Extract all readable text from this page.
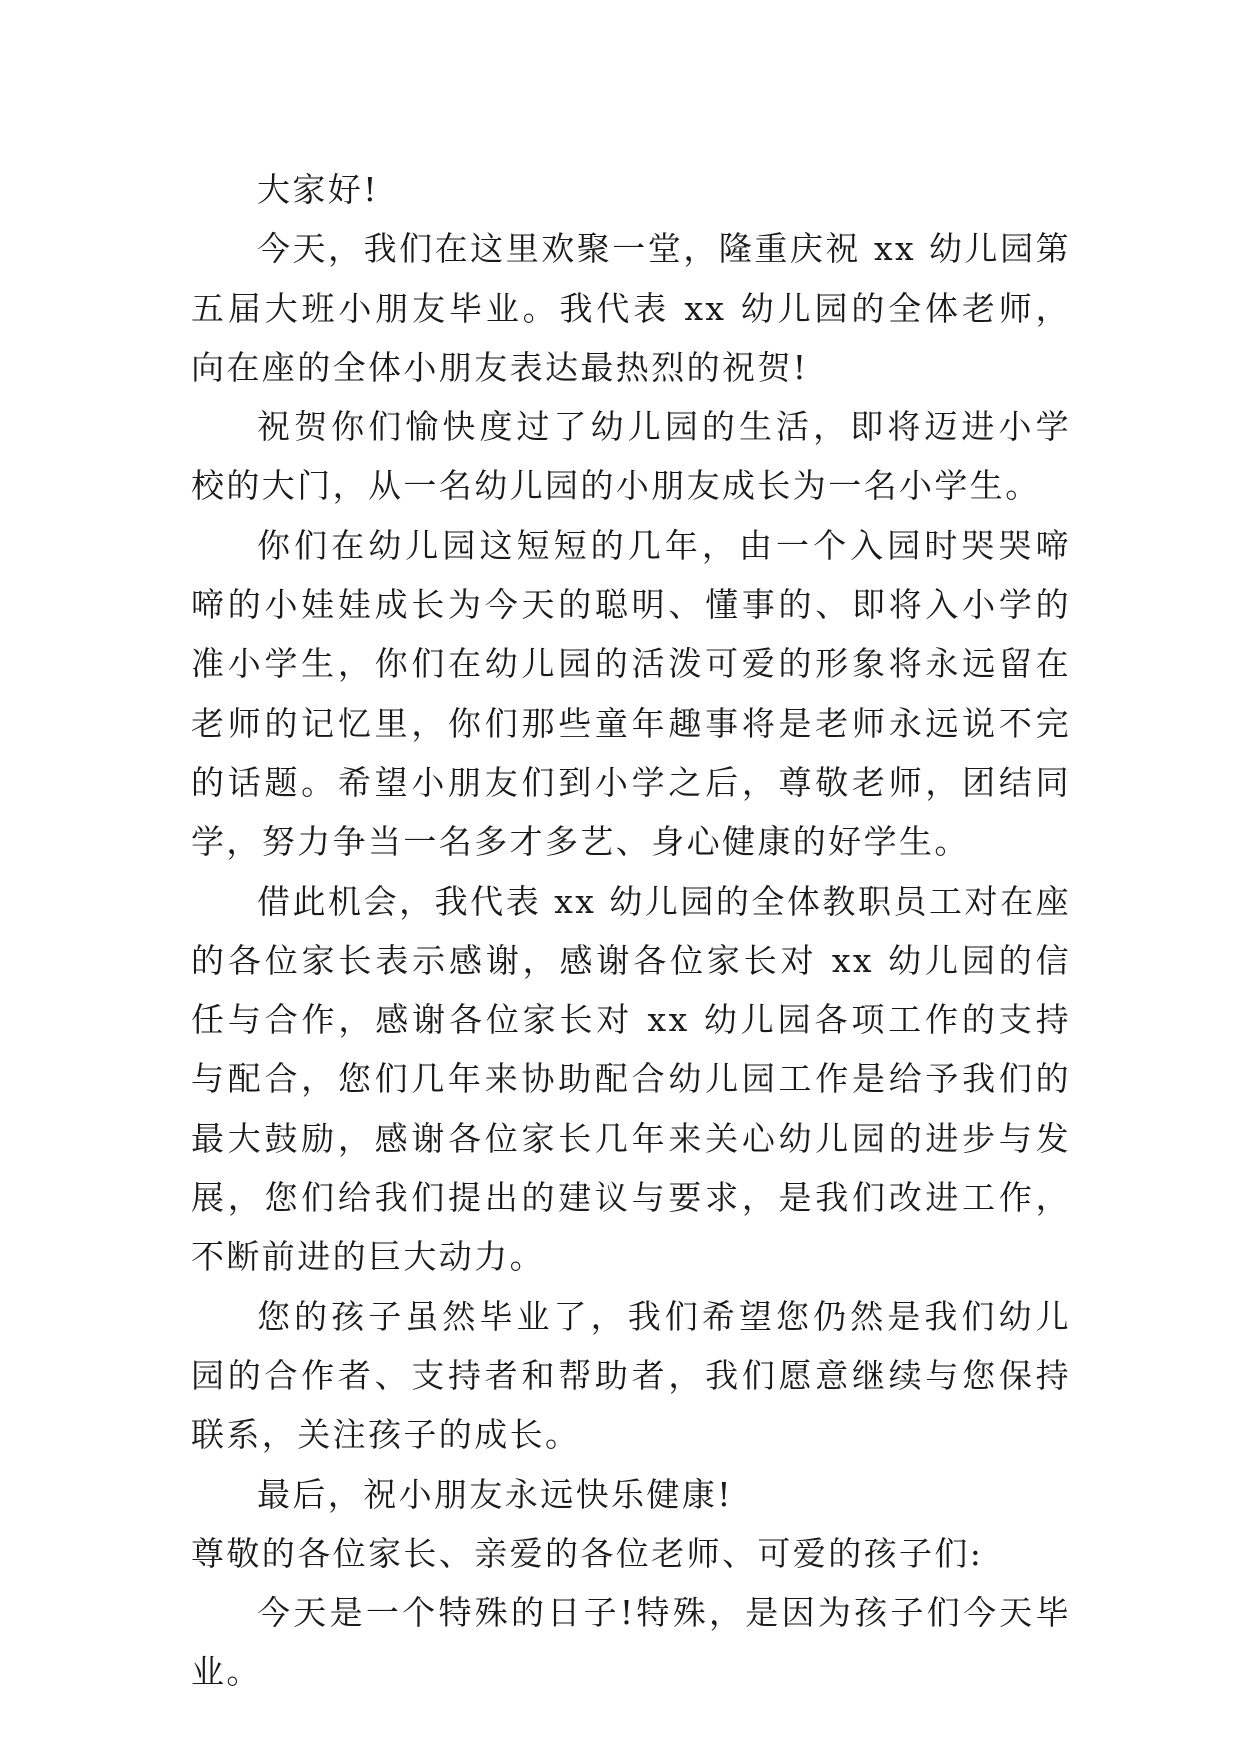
大家好!

今天，我们在这里欢聚一堂，隆重庆祝 xx 幼儿园第五届大班小朋友毕业。我代表 xx 幼儿园的全体老师，向在座的全体小朋友表达最热烈的祝贺!

祝贺你们愉快度过了幼儿园的生活，即将迈进小学校的大门，从一名幼儿园的小朋友成长为一名小学生。

你们在幼儿园这短短的几年，由一个入园时哭哭啼啼的小娃娃成长为今天的聪明、懂事的、即将入小学的准小学生，你们在幼儿园的活泼可爱的形象将永远留在老师的记忆里，你们那些童年趣事将是老师永远说不完的话题。希望小朋友们到小学之后，尊敬老师，团结同学，努力争当一名多才多艺、身心健康的好学生。

借此机会，我代表 xx 幼儿园的全体教职员工对在座的各位家长表示感谢，感谢各位家长对 xx 幼儿园的信任与合作，感谢各位家长对 xx 幼儿园各项工作的支持与配合，您们几年来协助配合幼儿园工作是给予我们的最大鼓励，感谢各位家长几年来关心幼儿园的进步与发展，您们给我们提出的建议与要求，是我们改进工作，不断前进的巨大动力。

您的孩子虽然毕业了，我们希望您仍然是我们幼儿园的合作者、支持者和帮助者，我们愿意继续与您保持联系，关注孩子的成长。

最后，祝小朋友永远快乐健康!

尊敬的各位家长、亲爱的各位老师、可爱的孩子们:

今天是一个特殊的日子!特殊，是因为孩子们今天毕业。
